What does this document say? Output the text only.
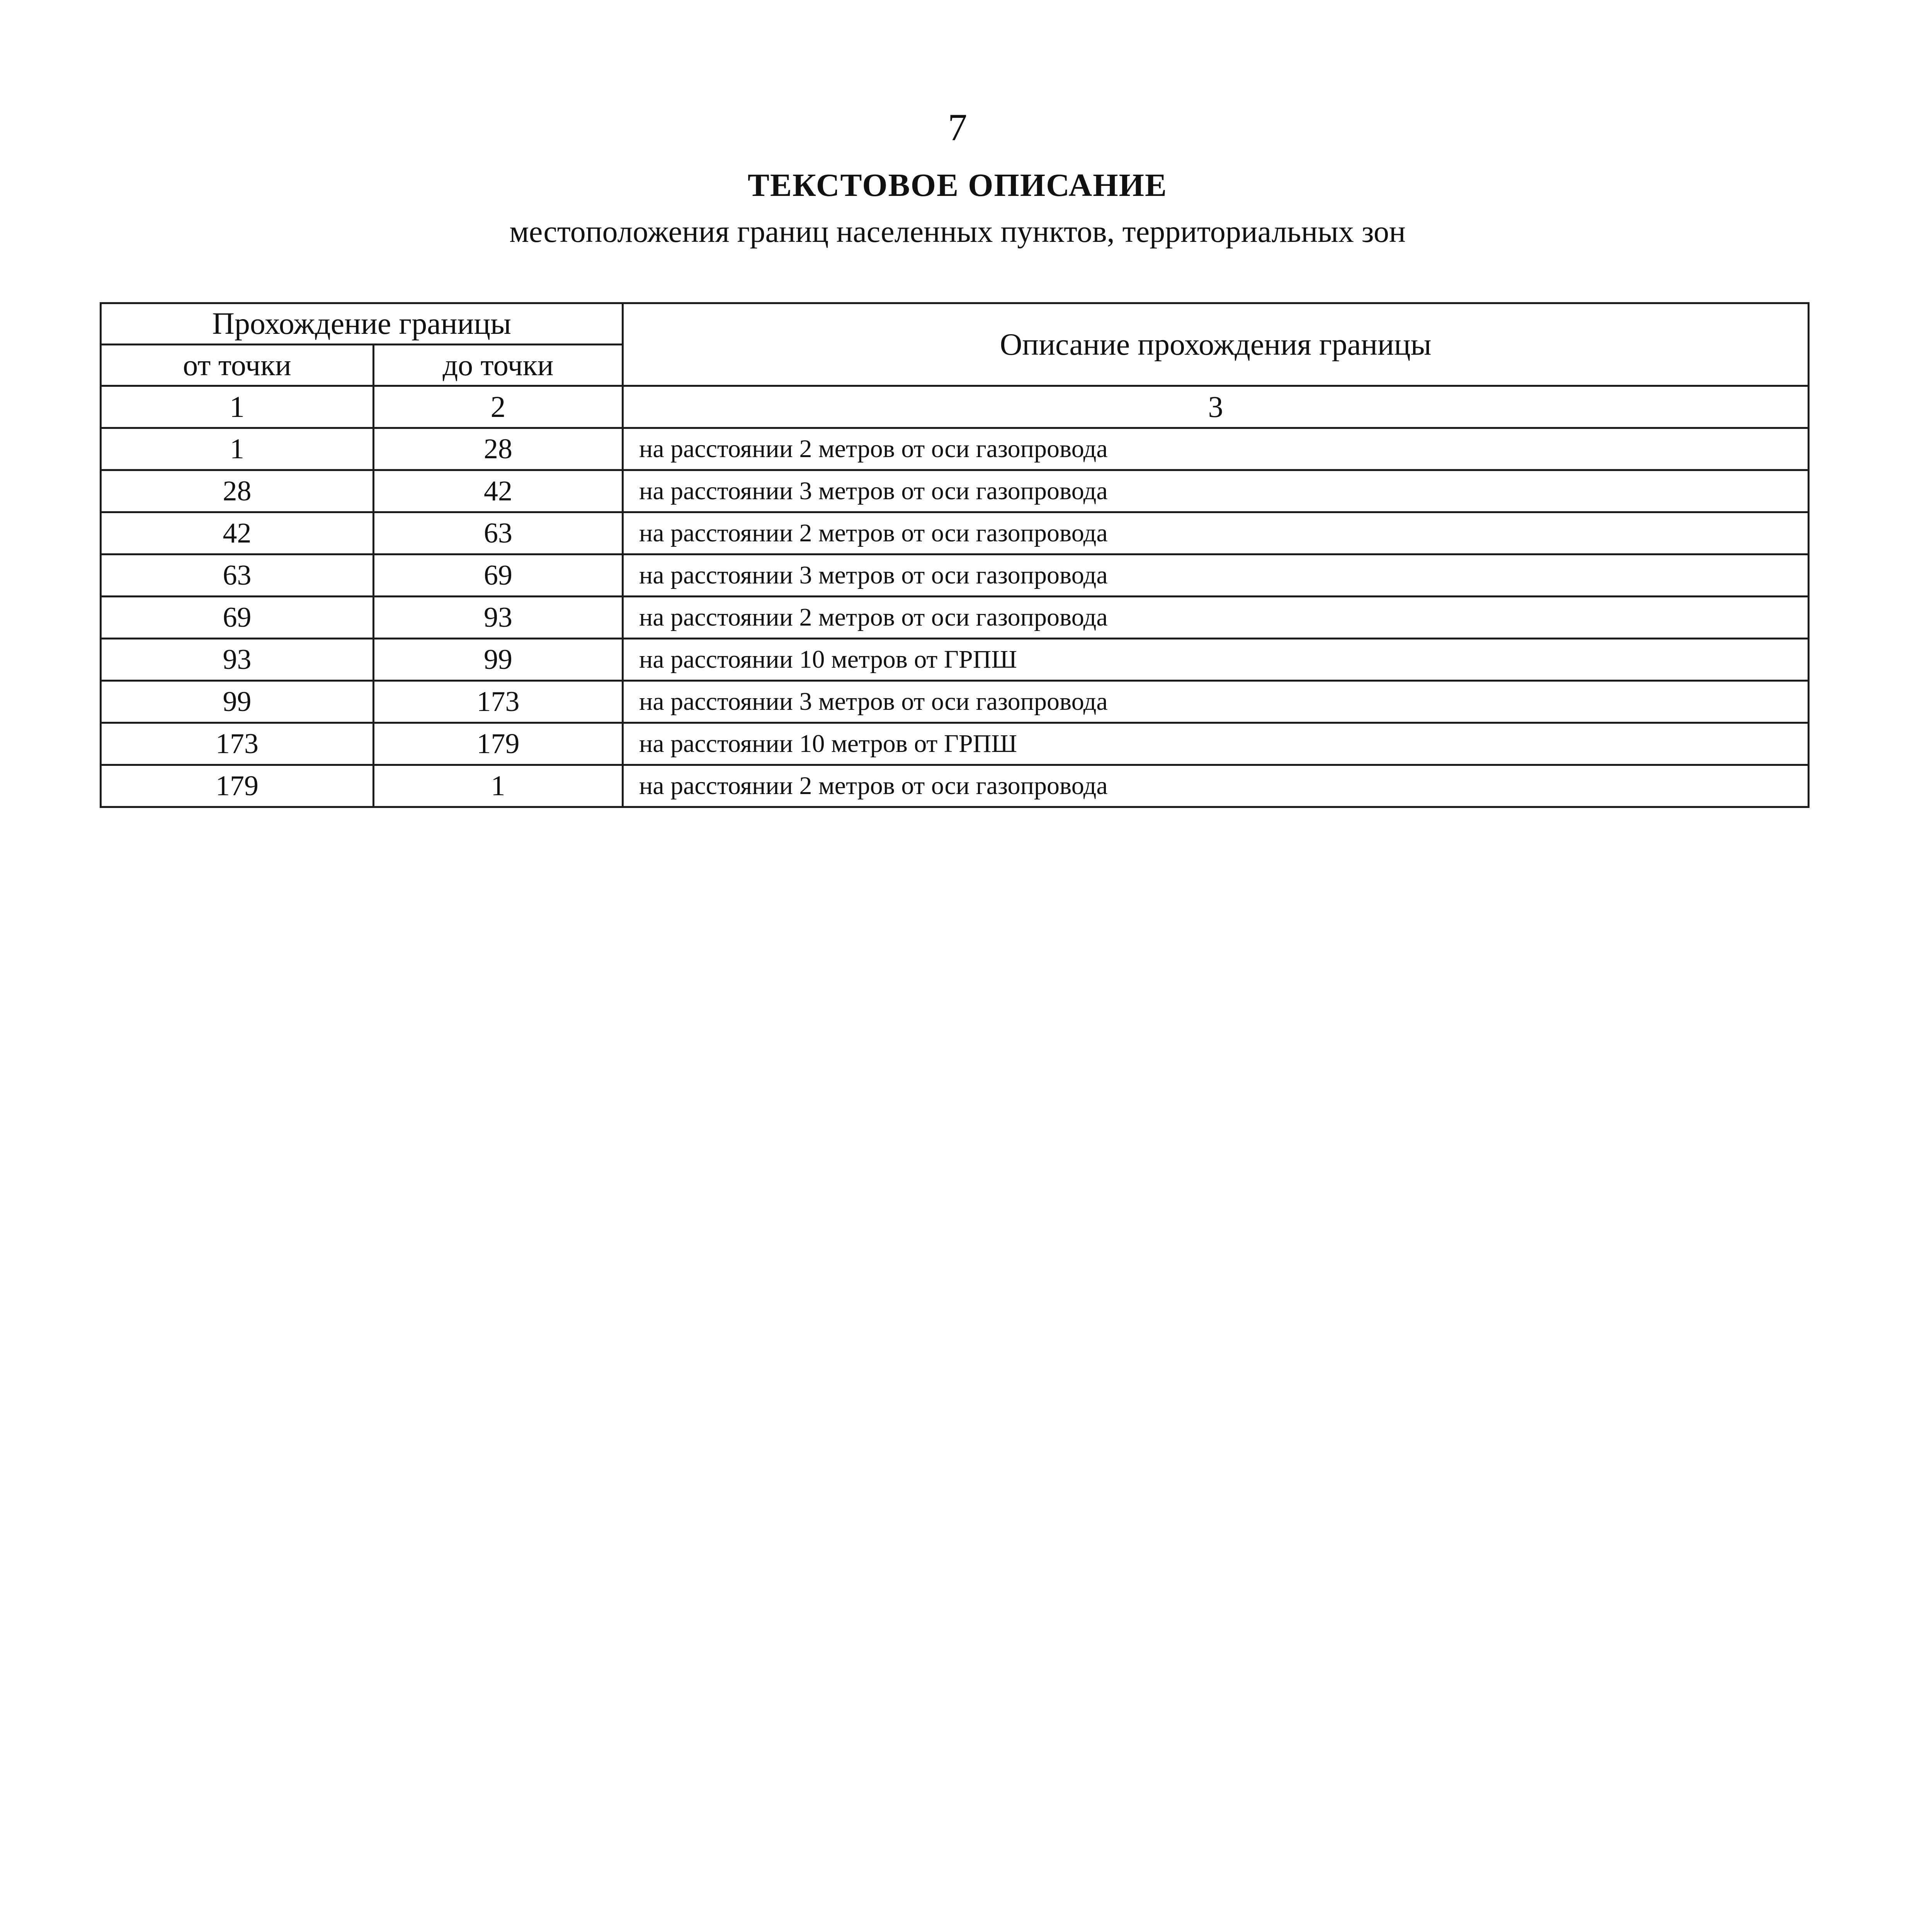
7
ТЕКСТОВОЕ ОПИСАНИЕ
местоположения границ населенных пунктов, территориальных зон
Прохождение границы		Описание прохождения границы
от точки	до точки	
1	2	3
1	28	на расстоянии 2 метров от оси газопровода
28	42	на расстоянии 3 метров от оси газопровода
42	63	на расстоянии 2 метров от оси газопровода
63	69	на расстоянии 3 метров от оси газопровода
69	93	на расстоянии 2 метров от оси газопровода
93	99	на расстоянии 10 метров от ГРПШ
99	173	на расстоянии 3 метров от оси газопровода
173	179	на расстоянии 10 метров от ГРПШ
179	1	на расстоянии 2 метров от оси газопровода
